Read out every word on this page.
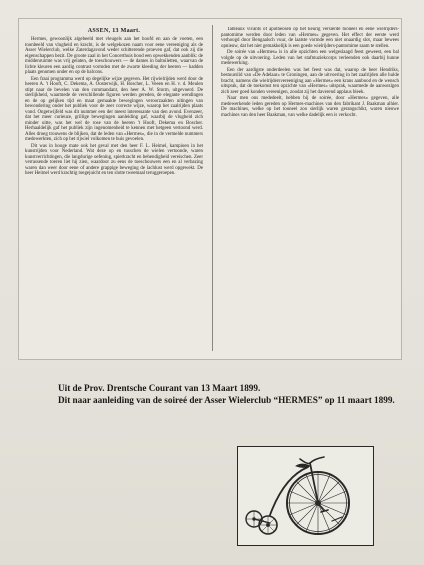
ASSEN, 13 Maart.
Hermes, gewoonlijk algebeeld met vleugels aan het hoofd en aan de voeten, een toonbeeld van vlugheid en kracht, is de welgekozen naam voor eene vereeniging als de Asser Wielerclub, welke Zaterdagavond weder schitterende proeven gaf, dat ook zij die eigenschappen bezit. De groote zaal in het Concerthuis bood een opwekkenden aanblik: de middenruimte was vrij gelaten, de toeschouwers — de dames in baltoiletten, waarvan de lichte kleuren een aardig contrast vormden met de zwarte kleeding der heeren — hadden plaats genomen onder en op de balcons.
Een fraai programma werd op degelijke wijze gegeven. Het rijwielrijden werd door de heeren A. 't Hooft, C. Dekema, A. Oosterwijk, H. Boscher, L. Veeen en H. v. d. Meulen stipt naar de bevelen van den commandant, den heer A. W. Storm, uitgevoerd. De sierlijkheid, waarmede de verschillende figuren werden gereden, de elegante wendingen en de op gelijken tijd en maat gemaakte bewegingen veroorzaakten uitingen van bewondering onder het publiek voor de zeer correcte wijze, waarop het zaalrijden plaats vond. Ongetwijfeld was dit nummer een der meest interessante van den avond. Evenzeer, dat het meer curieuze, grillige bewegingen aanleiding gaf, waarbij de vlugheid zich minder uitte, was het wel de rose van de heeren 't Hooft, Dekema en Boscher. Herhaaldelijk gaf het publiek zijn ingenomenheid te kennen met hetgeen vertoond werd. Alles droeg trouwens de blijken, dat de leden van »Hermes«, die in de vermelde nummers medewerkten, zich op het rijwiel volkomen te huis gevoelen.
Dit was in hooge mate ook het geval met den heer F. L. Heimel, kampioen in het kunstrijden voor Nederland. Wat deze op en tusschen de wielen vertoonde, waren kunstverrichtingen, die langdurige oefening, spierkracht en behendigheid vereischen. Zeer verrassende toeren liet hij zien, waardoor zu eens de toeschouwers een en al verbazing waren dan weer door eene of andere grappige beweging de lachlust werd opgewekt. De heer Heimel werd krachtig toegejuicht en ten slotte tweemaal teruggeroepen.
Tableaux vivants of apotheosen op het keurig versierde tooneel en eene wielrijders-pantomime werden door leden van »Hermes« gegeven. Het effect der eerste werd verhoogd door Bengaalsch vuur, de laatste vormde een niet onaardig slot, maar bewees opnieuw, dat het niet gemakkelijk is een goede wielrijders-pantomime saam te stellen.
De soirée van »Hermes« is in alle opzichten een welgeslaagd feest geweest, een bal volgde op de uitvoering. Leden van het stafmuziekcorps verleenden ook daarbij hunne medewerking.
Een der aardigste onderdeelen was het feest was dat, waarop de heer Hendriks, bestuurslid van »De Adelaar« te Groningen, aan de uitvoering in het zaalrijden alle hulde bracht, namens die wielrijdersvereeniging aan »Hermes« een krans aanbood en de wensch uitsprak, dat de toekomst ten opzichte van »Hermes« uitsprak, waarmede de aanwezigen zich zeer goed konden vereenigen, zoodat zij het daverend applaus bleek.
Naar men ons mededeelt, hebben bij de soirée, door »Hermes« gegeven, alle medewerkende leden gereden op Hermes-machines van den fabrikant J. Baakman alhier. De machines, welke op het tooneel zoo sierlijk waren gerangschikt, waren nieuwe machines van den heer Baakman, van welke dadelijk een is verkocht.
Uit de Prov. Drentsche Courant van 13 Maart 1899.
Dit naar aanleiding van de soireé der Asser Wielerclub “HERMES” op 11 maart 1899.
